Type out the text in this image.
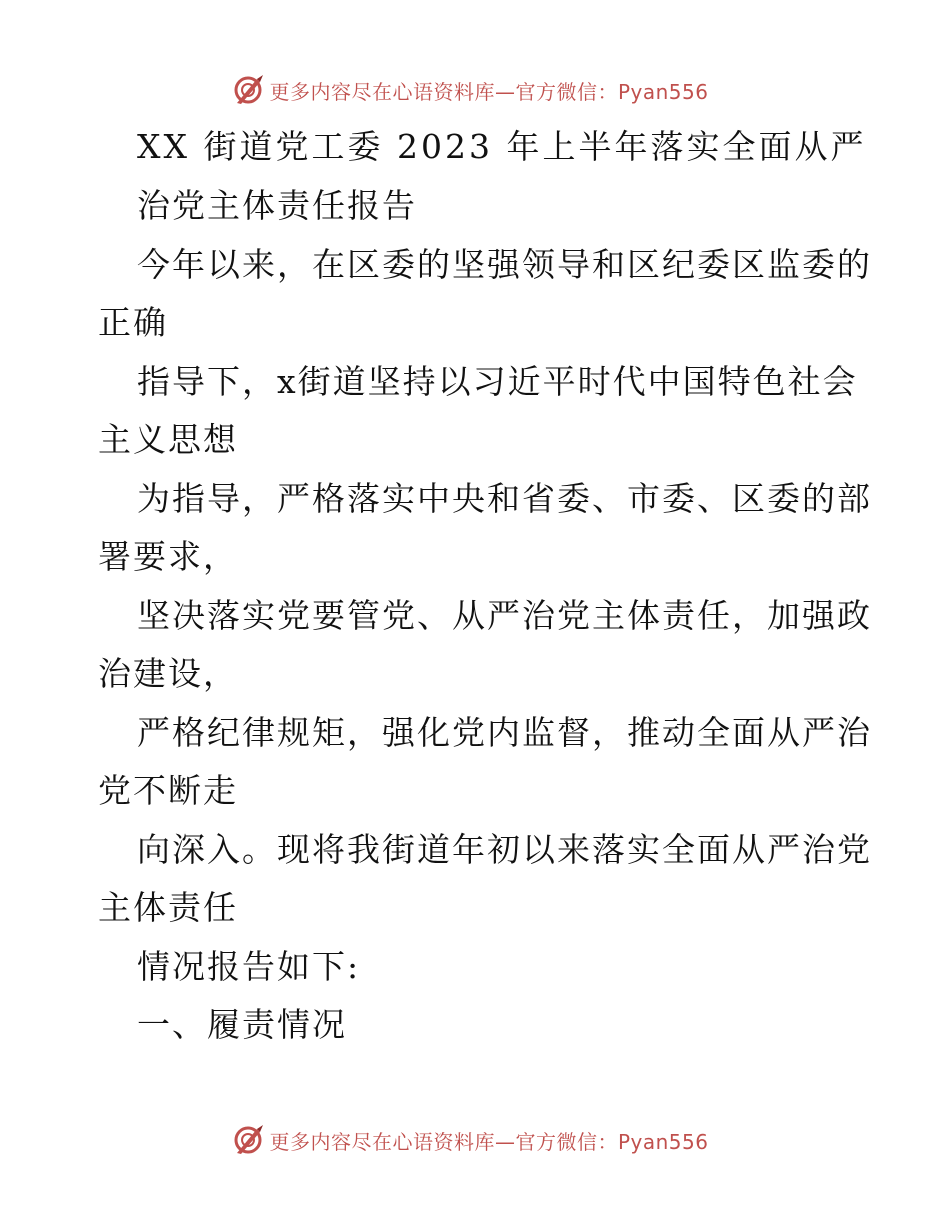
更多内容尽在心语资料库—官方微信：Pyan556
XX 街道党工委 2023 年上半年落实全面从严
治党主体责任报告
今年以来，在区委的坚强领导和区纪委区监委的
正确
指导下，x街道坚持以习近平时代中国特色社会
主义思想
为指导，严格落实中央和省委、市委、区委的部
署要求，
坚决落实党要管党、从严治党主体责任，加强政
治建设，
严格纪律规矩，强化党内监督，推动全面从严治
党不断走
向深入。现将我街道年初以来落实全面从严治党
主体责任
情况报告如下:
一、履责情况
更多内容尽在心语资料库—官方微信：Pyan556
